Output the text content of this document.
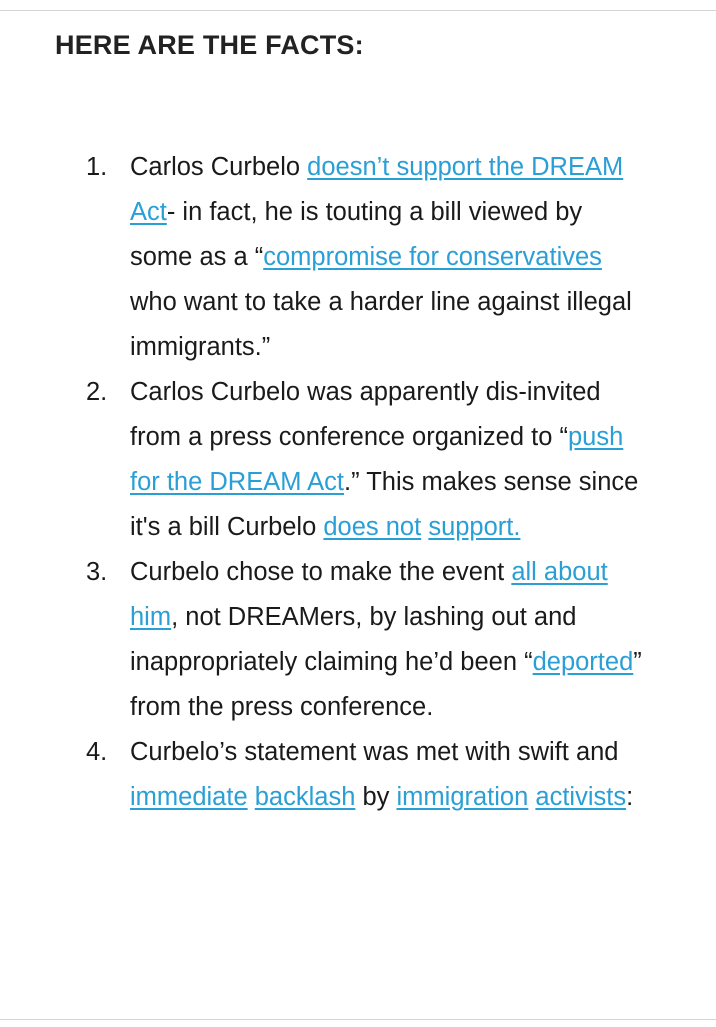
HERE ARE THE FACTS:
1. Carlos Curbelo doesn’t support the DREAM Act- in fact, he is touting a bill viewed by some as a “compromise for conservatives who want to take a harder line against illegal immigrants.”
2. Carlos Curbelo was apparently dis-invited from a press conference organized to “push for the DREAM Act.” This makes sense since it's a bill Curbelo does not support.
3. Curbelo chose to make the event all about him, not DREAMers, by lashing out and inappropriately claiming he’d been “deported” from the press conference.
4. Curbelo’s statement was met with swift and immediate backlash by immigration activists:
